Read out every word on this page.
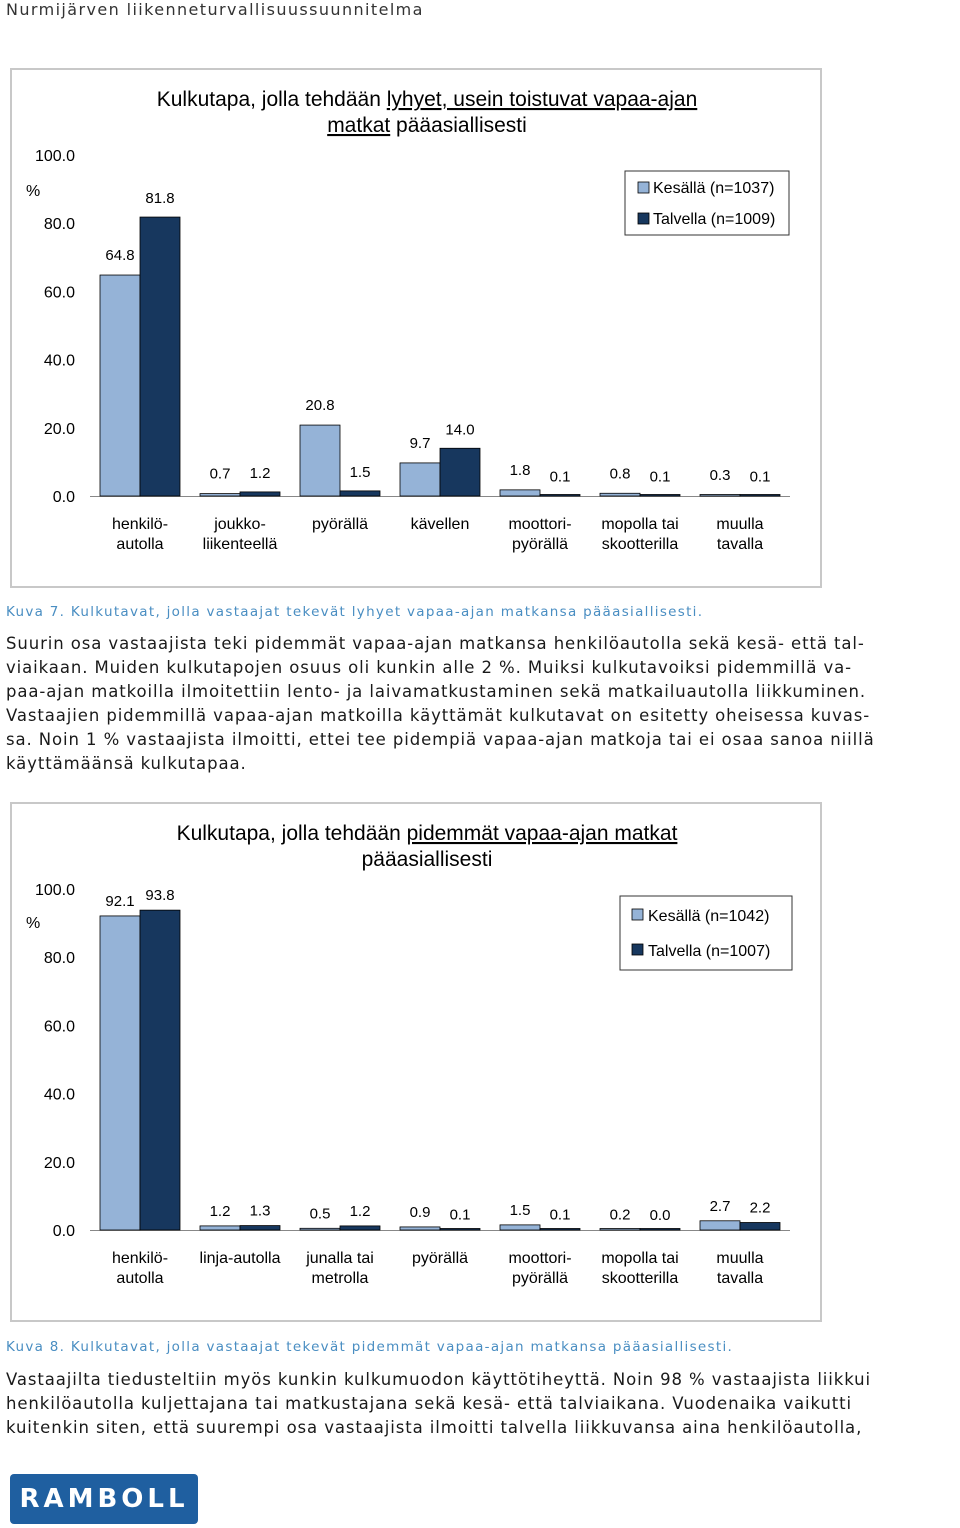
Nurmijärven liikenneturvallisuussuunnitelma
Kulkutapa, jolla tehdään lyhyet, usein toistuvat vapaa-ajan
matkat pääasiallisesti
%
0.0
20.0
40.0
60.0
80.0
100.0
64.8
81.8
henkilö-
autolla
0.7 1.2
joukko-
liikenteellä
20.8
1.5
pyörällä
9.7
14.0
kävellen
1.8 0.1
moottori-
pyörällä
0.8 0.1
mopolla tai
skootterilla
0.3 0.1
muulla
tavalla
Kesällä (n=1037)
Talvella (n=1009)
Kuva 7. Kulkutavat, jolla vastaajat tekevät lyhyet vapaa-ajan matkansa pääasiallisesti.

Suurin osa vastaajista teki pidemmät vapaa-ajan matkansa henkilöautolla sekä kesä- että tal-

viaikaan. Muiden kulkutapojen osuus oli kunkin alle 2 %. Muiksi kulkutavoiksi pidemmillä va-

paa-ajan matkoilla ilmoitettiin lento- ja laivamatkustaminen sekä matkailuautolla liikkuminen.

Vastaajien pidemmillä vapaa-ajan matkoilla käyttämät kulkutavat on esitetty oheisessa kuvas-

sa. Noin 1 % vastaajista ilmoitti, ettei tee pidempiä vapaa-ajan matkoja tai ei osaa sanoa niillä

käyttämäänsä kulkutapaa.

Kulkutapa, jolla tehdään pidemmät vapaa-ajan matkat
pääasiallisesti
%
0.0
20.0
40.0
60.0
80.0
100.0
92.1 93.8
henkilö-
autolla
1.2 1.3
linja-autolla
0.5 1.2
junalla tai
metrolla
0.9 0.1
pyörällä
1.5 0.1
moottori-
pyörällä
0.2 0.0
mopolla tai
skootterilla
2.7 2.2
muulla
tavalla
Kesällä (n=1042)
Talvella (n=1007)
Kuva 8. Kulkutavat, jolla vastaajat tekevät pidemmät vapaa-ajan matkansa pääasiallisesti.

Vastaajilta tiedusteltiin myös kunkin kulkumuodon käyttötiheyttä. Noin 98 % vastaajista liikkui

henkilöautolla kuljettajana tai matkustajana sekä kesä- että talviaikana. Vuodenaika vaikutti

kuitenkin siten, että suurempi osa vastaajista ilmoitti talvella liikkuvansa aina henkilöautolla,

RAMBOLL
